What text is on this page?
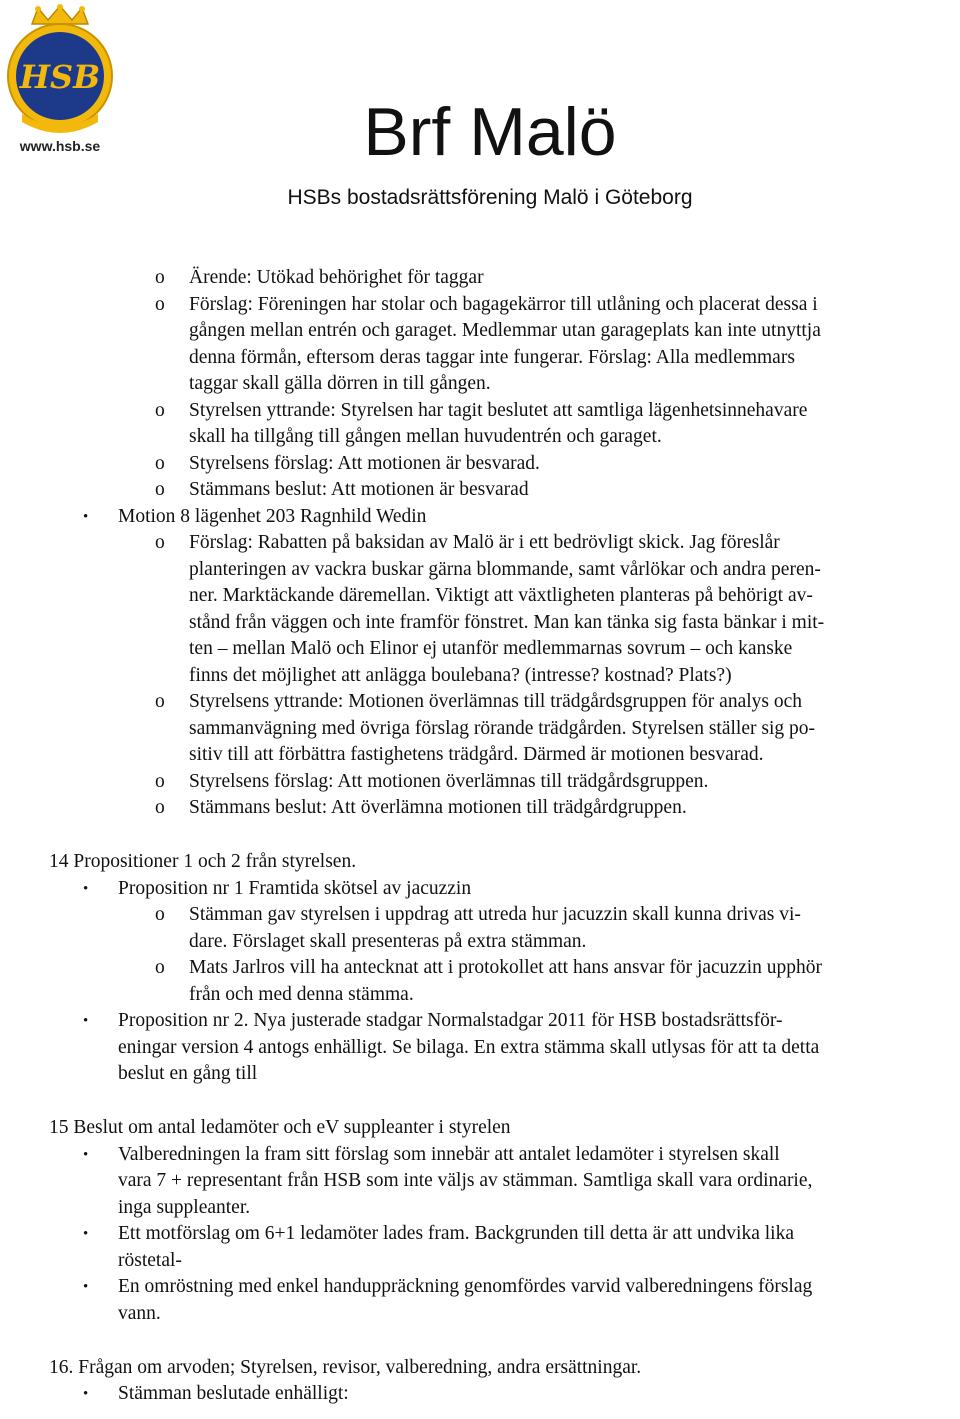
HSB
www.hsb.se	Brf Malö
HSBs bostadsrättsförening Malö i Göteborg
o Ärende: Utökad behörighet för taggar
o Förslag: Föreningen har stolar och bagagekärror till utlåning och placerat dessa i
gången mellan entrén och garaget. Medlemmar utan garageplats kan inte utnyttja
denna förmån, eftersom deras taggar inte fungerar. Förslag: Alla medlemmars
taggar skall gälla dörren in till gången.
o Styrelsen yttrande: Styrelsen har tagit beslutet att samtliga lägenhetsinnehavare
skall ha tillgång till gången mellan huvudentrén och garaget.
o Styrelsens förslag: Att motionen är besvarad.
o Stämmans beslut: Att motionen är besvarad
• Motion 8 lägenhet 203 Ragnhild Wedin
o Förslag: Rabatten på baksidan av Malö är i ett bedrövligt skick. Jag föreslår
planteringen av vackra buskar gärna blommande, samt vårlökar och andra peren-
ner. Marktäckande däremellan. Viktigt att växtligheten planteras på behörigt av-
stånd från väggen och inte framför fönstret. Man kan tänka sig fasta bänkar i mit-
ten – mellan Malö och Elinor ej utanför medlemmarnas sovrum – och kanske
finns det möjlighet att anlägga boulebana? (intresse? kostnad? Plats?)
o Styrelsens yttrande: Motionen överlämnas till trädgårdsgruppen för analys och
sammanvägning med övriga förslag rörande trädgården. Styrelsen ställer sig po-
sitiv till att förbättra fastighetens trädgård. Därmed är motionen besvarad.
o Styrelsens förslag: Att motionen överlämnas till trädgårdsgruppen.
o Stämmans beslut: Att överlämna motionen till trädgårdgruppen.
14 Propositioner 1 och 2 från styrelsen.
• Proposition nr 1 Framtida skötsel av jacuzzin
o Stämman gav styrelsen i uppdrag att utreda hur jacuzzin skall kunna drivas vi-
dare. Förslaget skall presenteras på extra stämman.
o Mats Jarlros vill ha antecknat att i protokollet att hans ansvar för jacuzzin upphör
från och med denna stämma.
• Proposition nr 2. Nya justerade stadgar Normalstadgar 2011 för HSB bostadsrättsför-
eningar version 4 antogs enhälligt. Se bilaga. En extra stämma skall utlysas för att ta detta
beslut en gång till
15 Beslut om antal ledamöter och eV suppleanter i styrelen
• Valberedningen la fram sitt förslag som innebär att antalet ledamöter i styrelsen skall
vara 7 + representant från HSB som inte väljs av stämman. Samtliga skall vara ordinarie,
inga suppleanter.
• Ett motförslag om 6+1 ledamöter lades fram. Backgrunden till detta är att undvika lika
röstetal-
• En omröstning med enkel handuppräckning genomfördes varvid valberedningens förslag
vann.
16. Frågan om arvoden; Styrelsen, revisor, valberedning, andra ersättningar.
• Stämman beslutade enhälligt:
